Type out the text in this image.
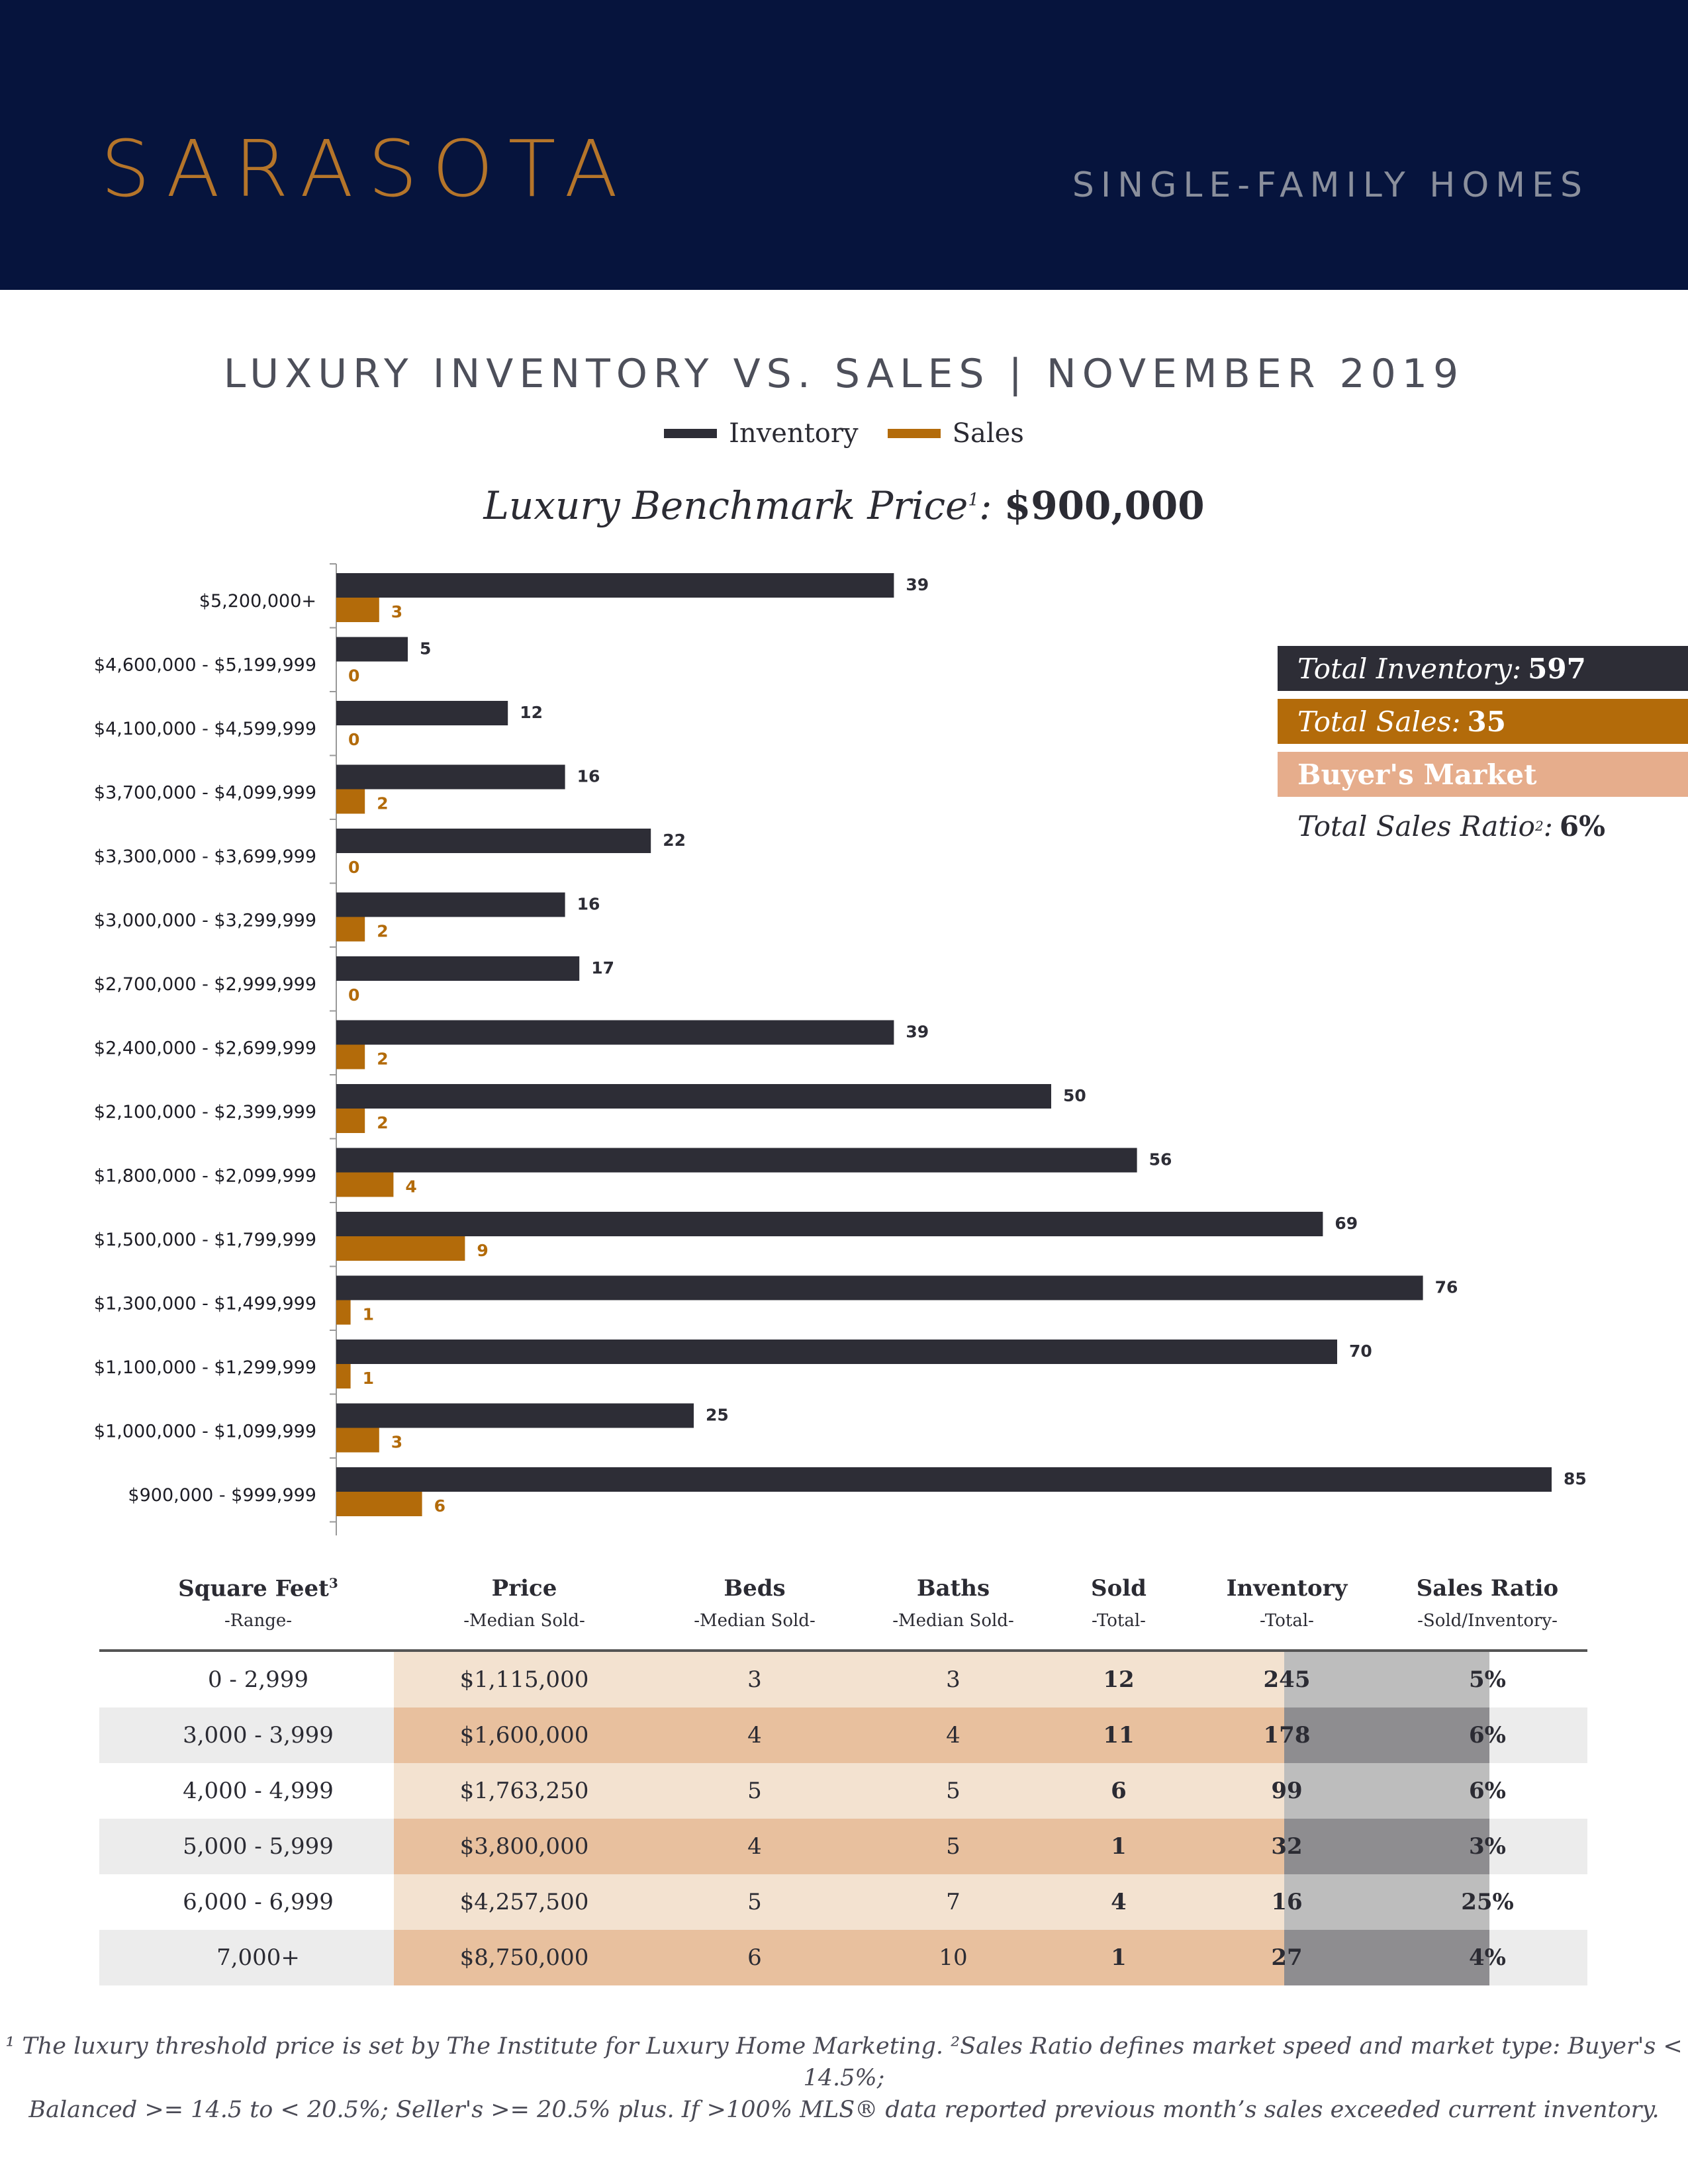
SARASOTA	SINGLE-FAMILY HOMES
LUXURY INVENTORY VS. SALES | NOVEMBER 2019
Inventory	Sales
Luxury Benchmark Price$^1$: $900,000
$5,200,000+
39
3
$4,600,000 - $5,199,999
5
0
$4,100,000 - $4,599,999
12
0
$3,700,000 - $4,099,999
16
2
$3,300,000 - $3,699,999
22
0
$3,000,000 - $3,299,999
16
2
$2,700,000 - $2,999,999
17
0
$2,400,000 - $2,699,999
39
2
$2,100,000 - $2,399,999
50
2
$1,800,000 - $2,099,999
56
4
$1,500,000 - $1,799,999
69
9
$1,300,000 - $1,499,999
76
1
$1,100,000 - $1,299,999
70
1
$1,000,000 - $1,099,999
25
3
$900,000 - $999,999
85
6
Total Inventory: 597
Total Sales: 35
Buyer's Market
Total Sales Ratio 2 : 6%
Square Feet$^3$
-Range-
Price
-Median Sold-
Beds
-Median Sold-
Baths
-Median Sold-
Sold
-Total-
Inventory
-Total-
Sales Ratio
-Sold/Inventory-
0 - 2,999	$1,115,000	3	3	12	245	5%
3,000 - 3,999	$1,600,000	4	4	11	178	6%
4,000 - 4,999	$1,763,250	5	5	6	99	6%
5,000 - 5,999	$3,800,000	4	5	1	32	3%
6,000 - 6,999	$4,257,500	5	7	4	16	25%
7,000+	$8,750,000	6	10	1	27	4%
¹ The luxury threshold price is set by The Institute for Luxury Home Marketing. ²Sales Ratio defines market speed and market type: Buyer's < 14.5%;
Balanced >= 14.5 to < 20.5%; Seller's >= 20.5% plus. If >100% MLS® data reported previous month’s sales exceeded current inventory.
